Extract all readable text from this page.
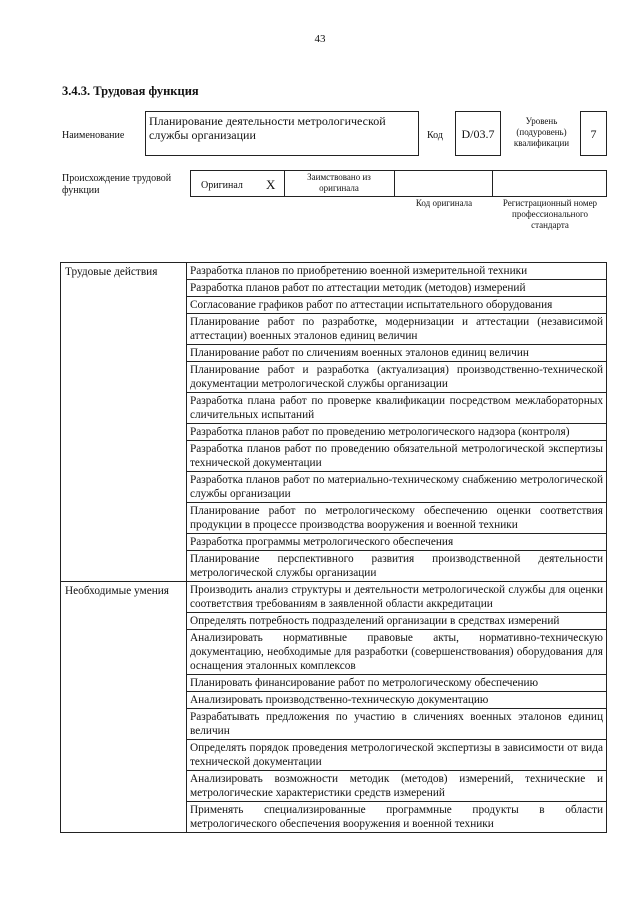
43
3.4.3. Трудовая функция
Наименование
Планирование деятельности метрологической службы организации	Код	D/03.7
Уровень (подуровень) квалификации
7
Происхождение трудовой функции	Оригинал X	Заимствовано из оригинала
Код оригинала	Регистрационный номер профессионального стандарта
Трудовые действия	Разработка планов по приобретению военной измерительной техники
	Разработка планов работ по аттестации методик (методов) измерений
	Согласование графиков работ по аттестации испытательного оборудования
	Планирование работ по разработке, модернизации и аттестации (независимой аттестации) военных эталонов единиц величин
	Планирование работ по сличениям военных эталонов единиц величин
	Планирование работ и разработка (актуализация) производственно-технической документации метрологической службы организации
	Разработка плана работ по проверке квалификации посредством межлабораторных сличительных испытаний
	Разработка планов работ по проведению метрологического надзора (контроля)
	Разработка планов работ по проведению обязательной метрологической экспертизы технической документации
	Разработка планов работ по материально-техническому снабжению метрологической службы организации
	Планирование работ по метрологическому обеспечению оценки соответствия продукции в процессе производства вооружения и военной техники
	Разработка программы метрологического обеспечения
	Планирование перспективного развития производственной деятельности метрологической службы организации
Необходимые умения	Производить анализ структуры и деятельности метрологической службы для оценки соответствия требованиям в заявленной области аккредитации
	Определять потребность подразделений организации в средствах измерений
	Анализировать нормативные правовые акты, нормативно-техническую документацию, необходимые для разработки (совершенствования) оборудования для оснащения эталонных комплексов
	Планировать финансирование работ по метрологическому обеспечению
	Анализировать производственно-техническую документацию
	Разрабатывать предложения по участию в сличениях военных эталонов единиц величин
	Определять порядок проведения метрологической экспертизы в зависимости от вида технической документации
	Анализировать возможности методик (методов) измерений, технические и метрологические характеристики средств измерений
	Применять специализированные программные продукты в области метрологического обеспечения вооружения и военной техники
